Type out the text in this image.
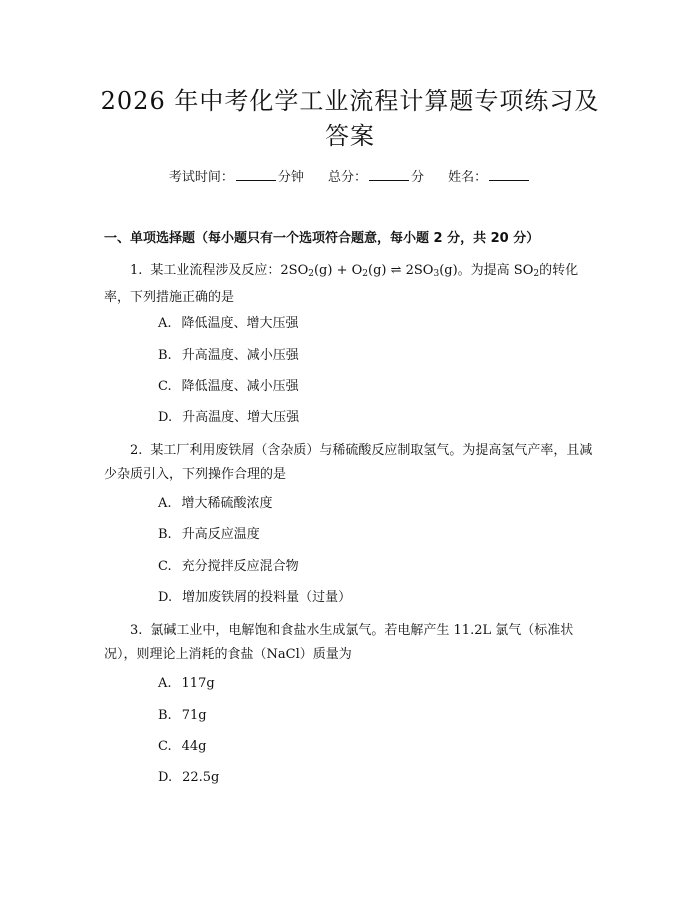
2026 年中考化学工业流程计算题专项练习及
答案
考试时间：	分钟 总分：	分 姓名：
一、单项选择题（每小题只有一个选项符合题意，每小题 2 分，共 20 分）
1. 某工业流程涉及反应：$2SO_2(g) + O_2(g)$ ⇌ $2SO_3(g)$。为提高 $SO_2$的转化率，下列措施正确的是
A. 降低温度、增大压强
B. 升高温度、减小压强
C. 降低温度、减小压强
D. 升高温度、增大压强
2. 某工厂利用废铁屑（含杂质）与稀硫酸反应制取氢气。为提高氢气产率，且减少杂质引入，下列操作合理的是
A. 增大稀硫酸浓度
B. 升高反应温度
C. 充分搅拌反应混合物
D. 增加废铁屑的投料量（过量）
3. 氯碱工业中，电解饱和食盐水生成氯气。若电解产生 11.2L 氯气（标准状况），则理论上消耗的食盐（NaCl）质量为
A. 117g
B. 71g
C. 44g
D. 22.5g
